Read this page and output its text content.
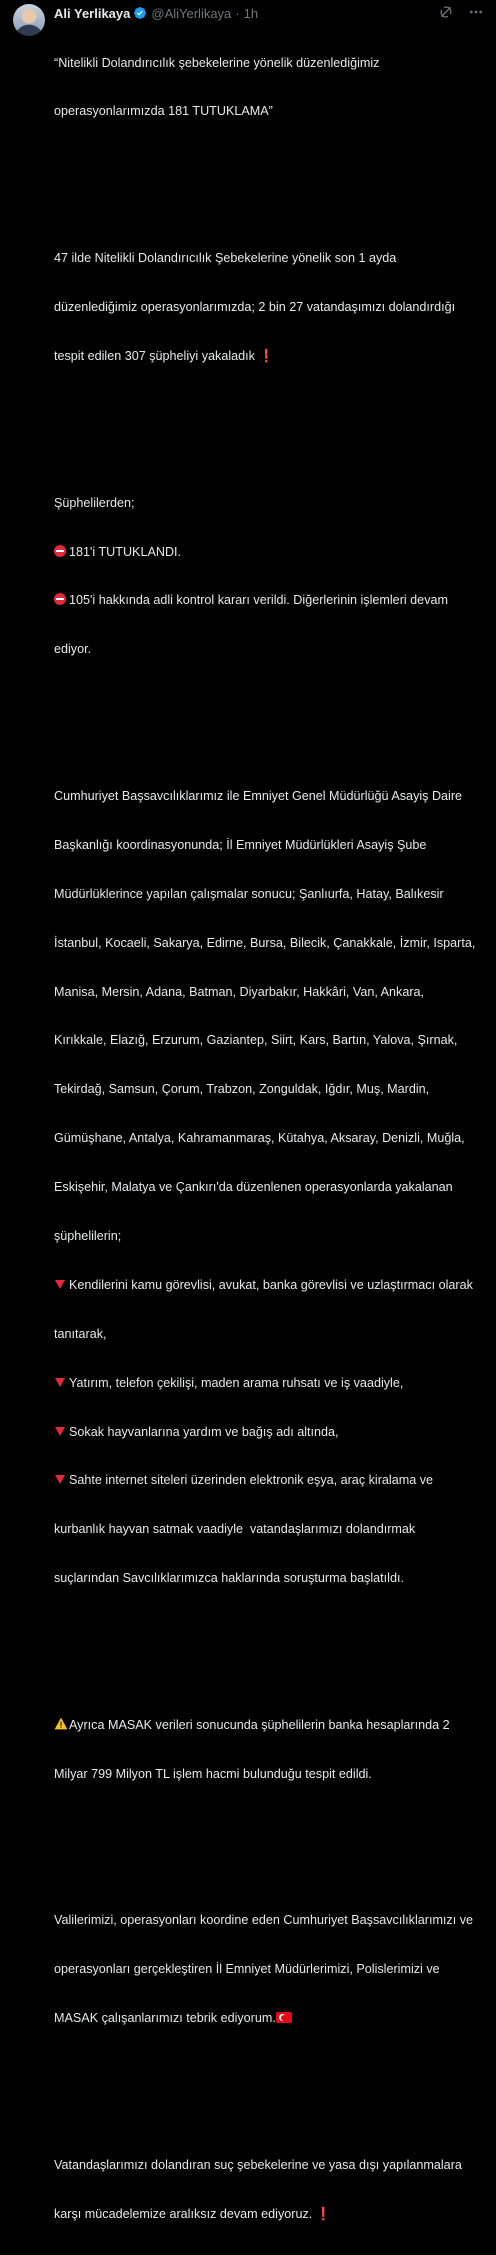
Ali Yerlikaya @AliYerlikaya · 1h

“Nitelikli Dolandırıcılık şebekelerine yönelik düzenlediğimiz

operasyonlarımızda 181 TUTUKLAMA”

47 ilde Nitelikli Dolandırıcılık Şebekelerine yönelik son 1 ayda

düzenlediğimiz operasyonlarımızda; 2 bin 27 vatandaşımızı dolandırdığı

tespit edilen 307 şüpheliyi yakaladık ❗

Şüphelilerden;

181'i TUTUKLANDI.

105'i hakkında adli kontrol kararı verildi. Diğerlerinin işlemleri devam

ediyor.

Cumhuriyet Başsavcılıklarımız ile Emniyet Genel Müdürlüğü Asayiş Daire

Başkanlığı koordinasyonunda; İl Emniyet Müdürlükleri Asayiş Şube

Müdürlüklerince yapılan çalışmalar sonucu; Şanlıurfa, Hatay, Balıkesir

İstanbul, Kocaeli, Sakarya, Edirne, Bursa, Bilecik, Çanakkale, İzmir, Isparta,

Manisa, Mersin, Adana, Batman, Diyarbakır, Hakkâri, Van, Ankara,

Kırıkkale, Elazığ, Erzurum, Gaziantep, Siirt, Kars, Bartın, Yalova, Şırnak,

Tekirdağ, Samsun, Çorum, Trabzon, Zonguldak, Iğdır, Muş, Mardin,

Gümüşhane, Antalya, Kahramanmaraş, Kütahya, Aksaray, Denizli, Muğla,

Eskişehir, Malatya ve Çankırı'da düzenlenen operasyonlarda yakalanan

şüphelilerin;

Kendilerini kamu görevlisi, avukat, banka görevlisi ve uzlaştırmacı olarak

tanıtarak,

Yatırım, telefon çekilişi, maden arama ruhsatı ve iş vaadiyle,

Sokak hayvanlarına yardım ve bağış adı altında,

Sahte internet siteleri üzerinden elektronik eşya, araç kiralama ve

kurbanlık hayvan satmak vaadiyle  vatandaşlarımızı dolandırmak

suçlarından Savcılıklarımızca haklarında soruşturma başlatıldı.

Ayrıca MASAK verileri sonucunda şüphelilerin banka hesaplarında 2

Milyar 799 Milyon TL işlem hacmi bulunduğu tespit edildi.

Valilerimizi, operasyonları koordine eden Cumhuriyet Başsavcılıklarımızı ve

operasyonları gerçekleştiren İl Emniyet Müdürlerimizi, Polislerimizi ve

MASAK çalışanlarımızı tebrik ediyorum.

Vatandaşlarımızı dolandıran suç şebekelerine ve yasa dışı yapılanmalara

karşı mücadelemize aralıksız devam ediyoruz. ❗
